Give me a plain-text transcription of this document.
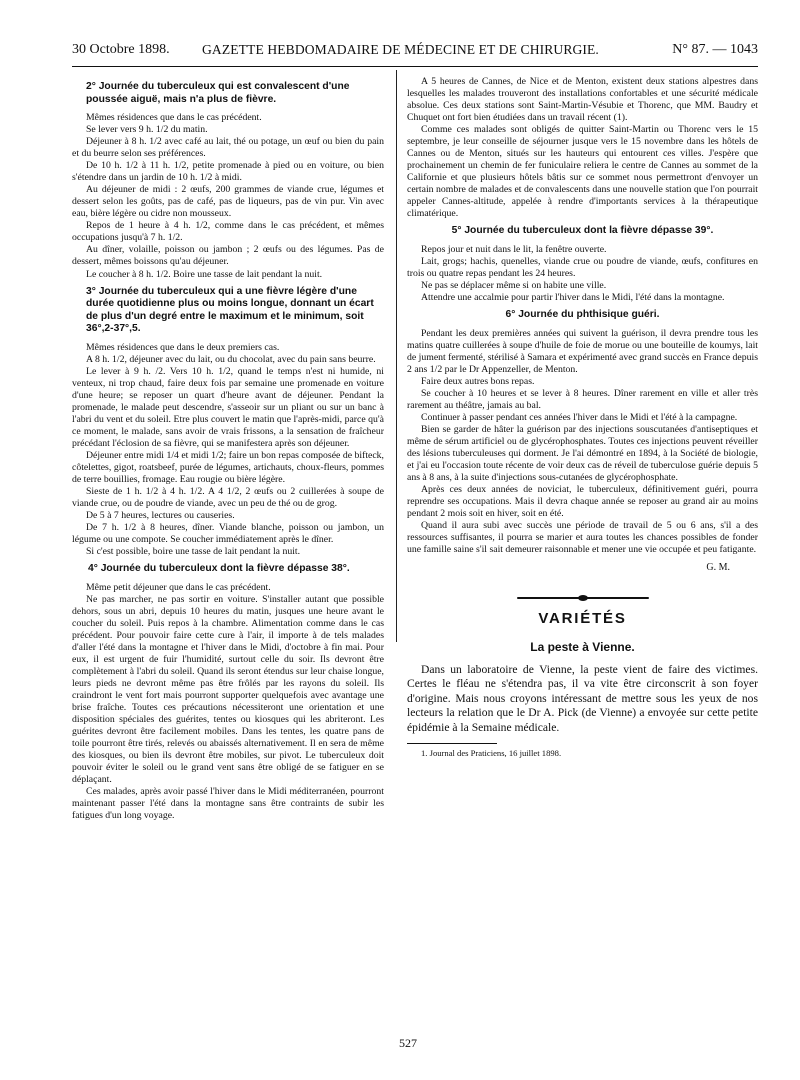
30 Octobre 1898. GAZETTE HEBDOMADAIRE DE MÉDECINE ET DE CHIRURGIE.	N° 87. — 1043
2° Journée du tuberculeux qui est convalescent d'une poussée aiguë, mais n'a plus de fièvre.

Mêmes résidences que dans le cas précédent.

Se lever vers 9 h. 1/2 du matin.

Déjeuner à 8 h. 1/2 avec café au lait, thé ou potage, un œuf ou bien du pain et du beurre selon ses préférences.

De 10 h. 1/2 à 11 h. 1/2, petite promenade à pied ou en voiture, ou bien s'étendre dans un jardin de 10 h. 1/2 à midi.

Au déjeuner de midi : 2 œufs, 200 grammes de viande crue, légumes et dessert selon les goûts, pas de café, pas de liqueurs, pas de vin pur. Vin avec eau, bière légère ou cidre non mousseux.

Repos de 1 heure à 4 h. 1/2, comme dans le cas précédent, et mêmes occupations jusqu'à 7 h. 1/2.

Au dîner, volaille, poisson ou jambon ; 2 œufs ou des légumes. Pas de dessert, mêmes boissons qu'au déjeuner.

Le coucher à 8 h. 1/2. Boire une tasse de lait pendant la nuit.

3° Journée du tuberculeux qui a une fièvre légère d'une durée quotidienne plus ou moins longue, donnant un écart de plus d'un degré entre le maximum et le minimum, soit 36°,2-37°,5.

Mêmes résidences que dans le deux premiers cas.

A 8 h. 1/2, déjeuner avec du lait, ou du chocolat, avec du pain sans beurre.

Le lever à 9 h. /2. Vers 10 h. 1/2, quand le temps n'est ni humide, ni venteux, ni trop chaud, faire deux fois par semaine une promenade en voiture d'une heure; se reposer un quart d'heure avant de déjeuner. Pendant la promenade, le malade peut descendre, s'asseoir sur un pliant ou sur un banc à l'abri du vent et du soleil. Etre plus couvert le matin que l'après-midi, parce qu'à ce moment, le malade, sans avoir de vrais frissons, a la sensation de fraîcheur précédant l'éclosion de sa fièvre, qui se manifestera après son déjeuner.

Déjeuner entre midi 1/4 et midi 1/2; faire un bon repas composée de bifteck, côtelettes, gigot, roatsbeef, purée de légumes, artichauts, choux-fleurs, pommes de terre bouillies, fromage. Eau rougie ou bière légère.

Sieste de 1 h. 1/2 à 4 h. 1/2. A 4 1/2, 2 œufs ou 2 cuillerées à soupe de viande crue, ou de poudre de viande, avec un peu de thé ou de grog.

De 5 à 7 heures, lectures ou causeries.

De 7 h. 1/2 à 8 heures, dîner. Viande blanche, poisson ou jambon, un légume ou une compote. Se coucher immédiatement après le dîner.

Si c'est possible, boire une tasse de lait pendant la nuit.

4° Journée du tuberculeux dont la fièvre dépasse 38°.

Même petit déjeuner que dans le cas précédent.

Ne pas marcher, ne pas sortir en voiture. S'installer autant que possible dehors, sous un abri, depuis 10 heures du matin, jusques une heure avant le coucher du soleil. Puis repos à la chambre. Alimentation comme dans le cas précédent. Pour pouvoir faire cette cure à l'air, il importe à de tels malades d'aller l'été dans la montagne et l'hiver dans le Midi, d'octobre à fin mai. Pour eux, il est urgent de fuir l'humidité, surtout celle du soir. Ils devront être complètement à l'abri du soleil. Quand ils seront étendus sur leur chaise longue, leurs pieds ne devront même pas être frôlés par les rayons du soleil. Ils craindront le vent fort mais pourront supporter quelquefois avec avantage une brise fraîche. Toutes ces précautions nécessiteront une orientation et une disposition spéciales des guérites, tentes ou kiosques qui les abriteront. Les guérites devront être facilement mobiles. Dans les tentes, les quatre pans de toile pourront être tirés, relevés ou abaissés alternativement. Il en sera de même des kiosques, ou bien ils devront être mobiles, sur pivot. Le tuberculeux doit pouvoir éviter le soleil ou le grand vent sans être obligé de se fatiguer en se déplaçant.

Ces malades, après avoir passé l'hiver dans le Midi méditerranéen, pourront maintenant passer l'été dans la montagne sans être contraints de subir les fatigues d'un long voyage.

A 5 heures de Cannes, de Nice et de Menton, existent deux stations alpestres dans lesquelles les malades trouveront des installations confortables et une sécurité médicale absolue. Ces deux stations sont Saint-Martin-Vésubie et Thorenc, que MM. Baudry et Chuquet ont fort bien étudiées dans un travail récent (1).

Comme ces malades sont obligés de quitter Saint-Martin ou Thorenc vers le 15 septembre, je leur conseille de séjourner jusque vers le 15 novembre dans les hôtels de Cannes ou de Menton, situés sur les hauteurs qui entourent ces villes. J'espère que prochainement un chemin de fer funiculaire reliera le centre de Cannes au sommet de la Californie et que plusieurs hôtels bâtis sur ce sommet nous permettront d'envoyer un certain nombre de malades et de convalescents dans une nouvelle station que l'on pourrait appeler Cannes-altitude, appelée à rendre d'importants services à la thérapeutique climatérique.

5° Journée du tuberculeux dont la fièvre dépasse 39°.

Repos jour et nuit dans le lit, la fenêtre ouverte.

Lait, grogs; hachis, quenelles, viande crue ou poudre de viande, œufs, confitures en trois ou quatre repas pendant les 24 heures.

Ne pas se déplacer même si on habite une ville.

Attendre une accalmie pour partir l'hiver dans le Midi, l'été dans la montagne.

6° Journée du phthisique guéri.

Pendant les deux premières années qui suivent la guérison, il devra prendre tous les matins quatre cuillerées à soupe d'huile de foie de morue ou une bouteille de koumys, lait de jument fermenté, stérilisé à Samara et expérimenté avec grand succès en France depuis 2 ans 1/2 par le Dr Appenzeller, de Menton.

Faire deux autres bons repas.

Se coucher à 10 heures et se lever à 8 heures. Dîner rarement en ville et aller très rarement au théâtre, jamais au bal.

Continuer à passer pendant ces années l'hiver dans le Midi et l'été à la campagne.

Bien se garder de hâter la guérison par des injections souscutanées d'antiseptiques et même de sérum artificiel ou de glycérophosphates. Toutes ces injections peuvent réveiller des lésions tuberculeuses qui dorment. Je l'ai démontré en 1894, à la Société de biologie, et j'ai eu l'occasion toute récente de voir deux cas de réveil de tuberculose guérie depuis 5 ans à 8 ans, à la suite d'injections sous-cutanées de glycérophosphate.

Après ces deux années de noviciat, le tuberculeux, définitivement guéri, pourra reprendre ses occupations. Mais il devra chaque année se reposer au grand air au moins pendant 2 mois soit en hiver, soit en été.

Quand il aura subi avec succès une période de travail de 5 ou 6 ans, s'il a des ressources suffisantes, il pourra se marier et aura toutes les chances possibles de fonder une famille saine s'il sait demeurer raisonnable et mener une vie occupée et peu fatigante.

G. M.
VARIÉTÉS
La peste à Vienne.

Dans un laboratoire de Vienne, la peste vient de faire des victimes. Certes le fléau ne s'étendra pas, il va vite être circonscrit à son foyer d'origine. Mais nous croyons intéressant de mettre sous les yeux de nos lecteurs la relation que le Dr A. Pick (de Vienne) a envoyée sur cette petite épidémie à la Semaine médicale.

1. Journal des Praticiens, 16 juillet 1898.

527
